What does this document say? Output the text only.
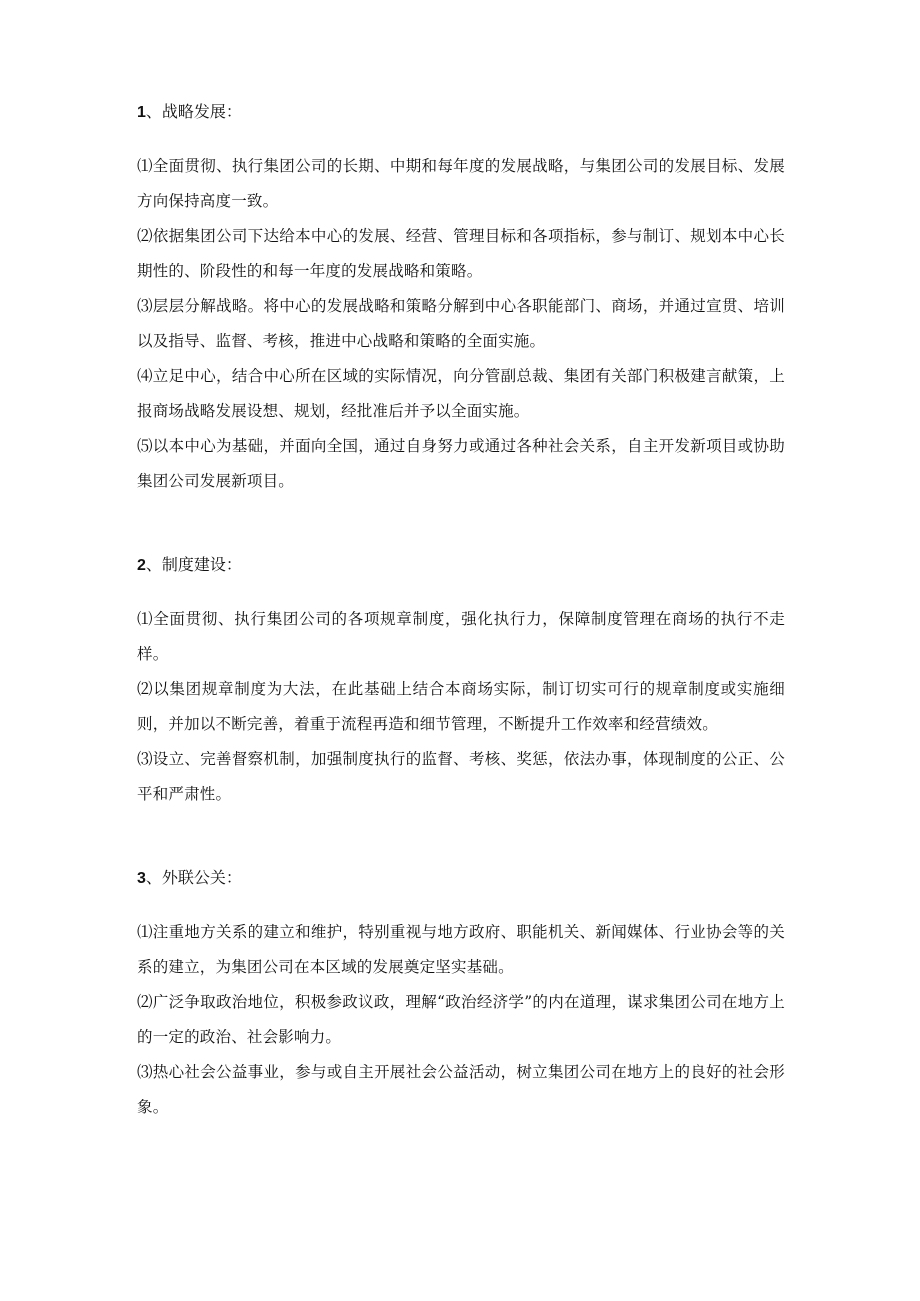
1 、战略发展：

⑴全面贯彻、执行集团公司的长期、中期和每年度的发展战略，与集团公司的发展目标、发展方向保持高度一致。

⑵依据集团公司下达给本中心的发展、经营、管理目标和各项指标，参与制订、规划本中心长期性的、阶段性的和每一年度的发展战略和策略。

⑶层层分解战略。将中心的发展战略和策略分解到中心各职能部门、商场，并通过宣贯、培训以及指导、监督、考核，推进中心战略和策略的全面实施。

⑷立足中心，结合中心所在区域的实际情况，向分管副总裁、集团有关部门积极建言献策，上报商场战略发展设想、规划，经批准后并予以全面实施。

⑸以本中心为基础，并面向全国，通过自身努力或通过各种社会关系，自主开发新项目或协助集团公司发展新项目。

2 、制度建设：

⑴全面贯彻、执行集团公司的各项规章制度，强化执行力，保障制度管理在商场的执行不走样。

⑵以集团规章制度为大法，在此基础上结合本商场实际，制订切实可行的规章制度或实施细则，并加以不断完善，着重于流程再造和细节管理，不断提升工作效率和经营绩效。

⑶设立、完善督察机制，加强制度执行的监督、考核、奖惩，依法办事，体现制度的公正、公平和严肃性。

3 、外联公关：

⑴注重地方关系的建立和维护，特别重视与地方政府、职能机关、新闻媒体、行业协会等的关系的建立，为集团公司在本区域的发展奠定坚实基础。

⑵广泛争取政治地位，积极参政议政，理解“政治经济学”的内在道理，谋求集团公司在地方上的一定的政治、社会影响力。

⑶热心社会公益事业，参与或自主开展社会公益活动，树立集团公司在地方上的良好的社会形象。
